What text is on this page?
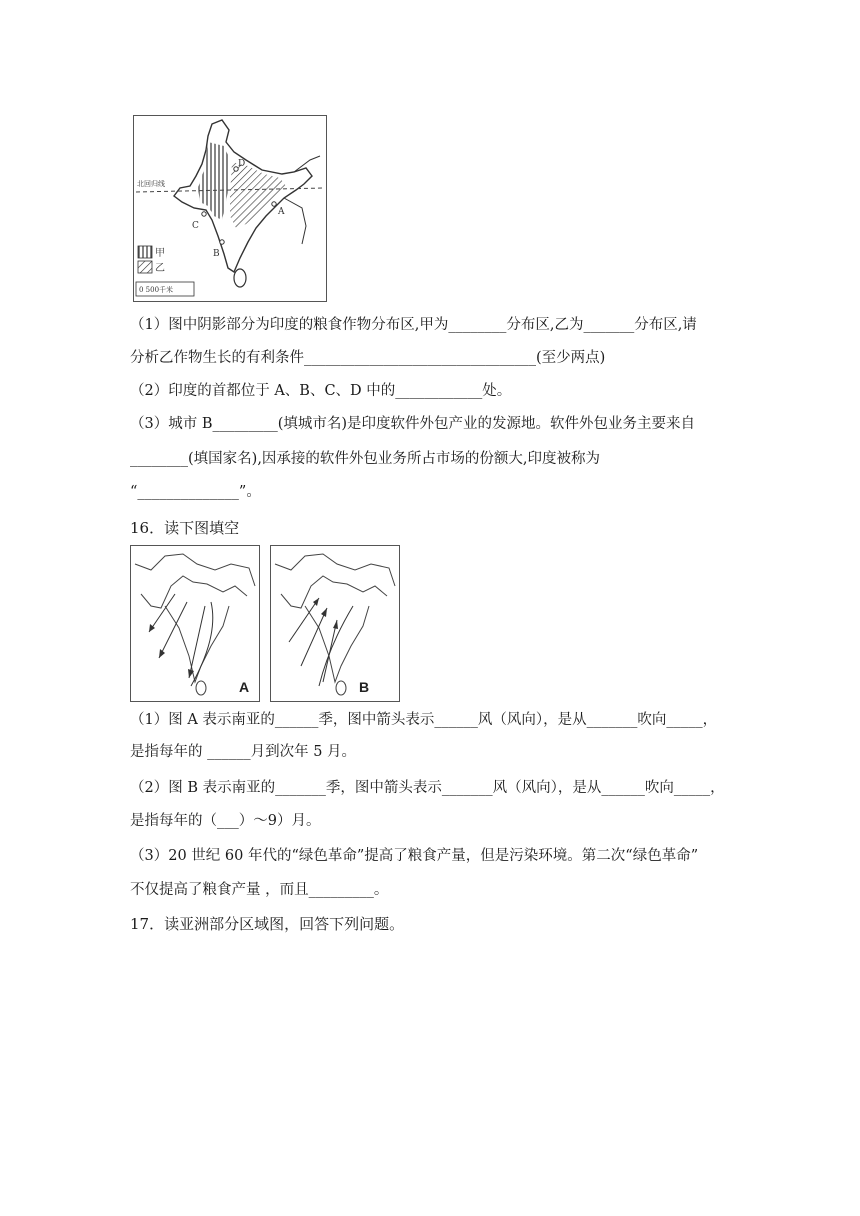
D
A
B
C
北回归线
甲
乙
0 500千米
（1）图中阴影部分为印度的粮食作物分布区,甲为________分布区,乙为_______分布区,请
分析乙作物生长的有利条件________________________________(至少两点)
（2）印度的首都位于 A、B、C、D 中的____________处。
（3）城市 B_________(填城市名)是印度软件外包产业的发源地。软件外包业务主要来自
________(填国家名),因承接的软件外包业务所占市场的份额大,印度被称为
“______________”。
16．读下图填空
A	B
（1）图 A 表示南亚的______季，图中箭头表示______风（风向），是从_______吹向_____，
是指每年的 ______月到次年 5 月。
（2）图 B 表示南亚的_______季，图中箭头表示_______风（风向），是从______吹向_____，
是指每年的（___）～9）月。
（3）20 世纪 60 年代的“绿色革命”提高了粮食产量，但是污染环境。第二次“绿色革命”
不仅提高了粮食产量 ，而且_________。
17．读亚洲部分区域图，回答下列问题。
